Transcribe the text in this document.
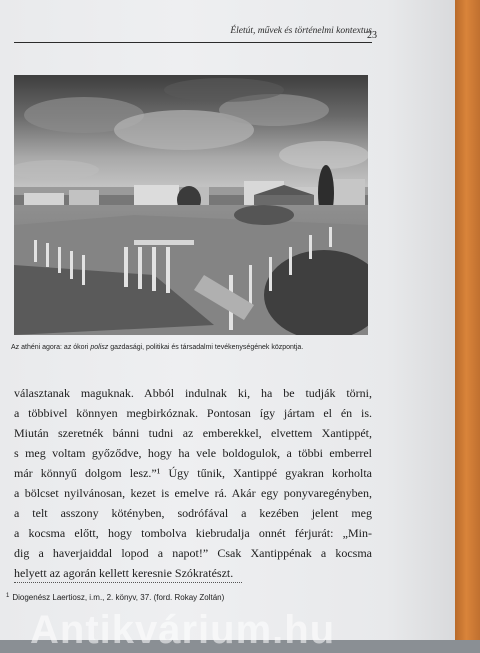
Életút, művek és történelmi kontextus
23
Az athéni agora: az ókori polisz gazdasági, politikai és társadalmi tevékenységének központja.
választanak maguknak. Abból indulnak ki, ha be tudják törni,
a többivel könnyen megbirkóznak. Pontosan így jártam el én is.
Miután szeretnék bánni tudni az emberekkel, elvettem Xantippét,
s meg voltam győződve, hogy ha vele boldogulok, a többi emberrel
már könnyű dolgom lesz.”¹ Úgy tűnik, Xantippé gyakran korholta
a bölcset nyilvánosan, kezet is emelve rá. Akár egy ponyvaregényben,
a telt asszony kötényben, sodrófával a kezében jelent meg
a kocsma előtt, hogy tombolva kiebrudalja onnét férjurát: „Min-
dig a haverjaiddal lopod a napot!” Csak Xantippénak a kocsma
helyett az agorán kellett keresnie Szókratészt.
$^1$ Diogenész Laertiosz, i.m., 2. könyv, 37. (ford. Rokay Zoltán)
Antikvárium.hu
